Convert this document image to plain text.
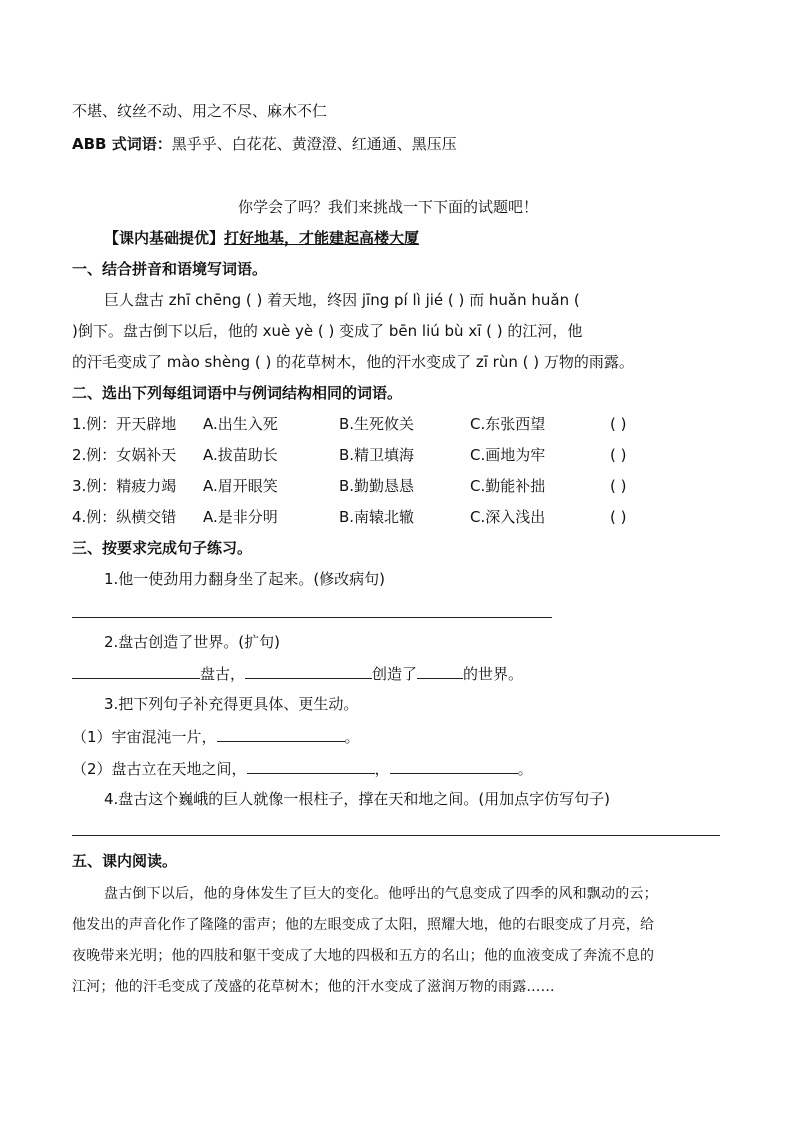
不堪、纹丝不动、用之不尽、麻木不仁
ABB 式词语：黑乎乎、白花花、黄澄澄、红通通、黑压压
你学会了吗？我们来挑战一下下面的试题吧！
【课内基础提优】打好地基，才能建起高楼大厦
一、结合拼音和语境写词语。
巨人盘古 zhī chēng ( ) 着天地，终因 jīng pí lì jié ( ) 而 huǎn huǎn (
)倒下。盘古倒下以后，他的 xuè yè ( ) 变成了 bēn liú bù xī ( ) 的江河，他
的汗毛变成了 mào shèng ( ) 的花草树木，他的汗水变成了 zī rùn ( ) 万物的雨露。
二、选出下列每组词语中与例词结构相同的词语。
1.例：开天辟地 A.出生入死	B.生死攸关	C.东张西望	( )
2.例：女娲补天 A.拔苗助长	B.精卫填海	C.画地为牢	( )
3.例：精疲力竭 A.眉开眼笑	B.勤勤恳恳	C.勤能补拙	( )
4.例：纵横交错 A.是非分明	B.南辕北辙	C.深入浅出	( )
三、按要求完成句子练习。
1.他一使劲用力翻身坐了起来。(修改病句)
2.盘古创造了世界。(扩句)
盘古，	创造了	的世界。
3.把下列句子补充得更具体、更生动。
（1）宇宙混沌一片，	。
（2）盘古立在天地之间，	，	。
4.盘古这个巍峨的巨人就像一根柱子，撑在天和地之间。(用加点字仿写句子)
五、课内阅读。
盘古倒下以后，他的身体发生了巨大的变化。他呼出的气息变成了四季的风和飘动的云；
他发出的声音化作了隆隆的雷声；他的左眼变成了太阳，照耀大地，他的右眼变成了月亮，给
夜晚带来光明；他的四肢和躯干变成了大地的四极和五方的名山；他的血液变成了奔流不息的
江河；他的汗毛变成了茂盛的花草树木；他的汗水变成了滋润万物的雨露……
